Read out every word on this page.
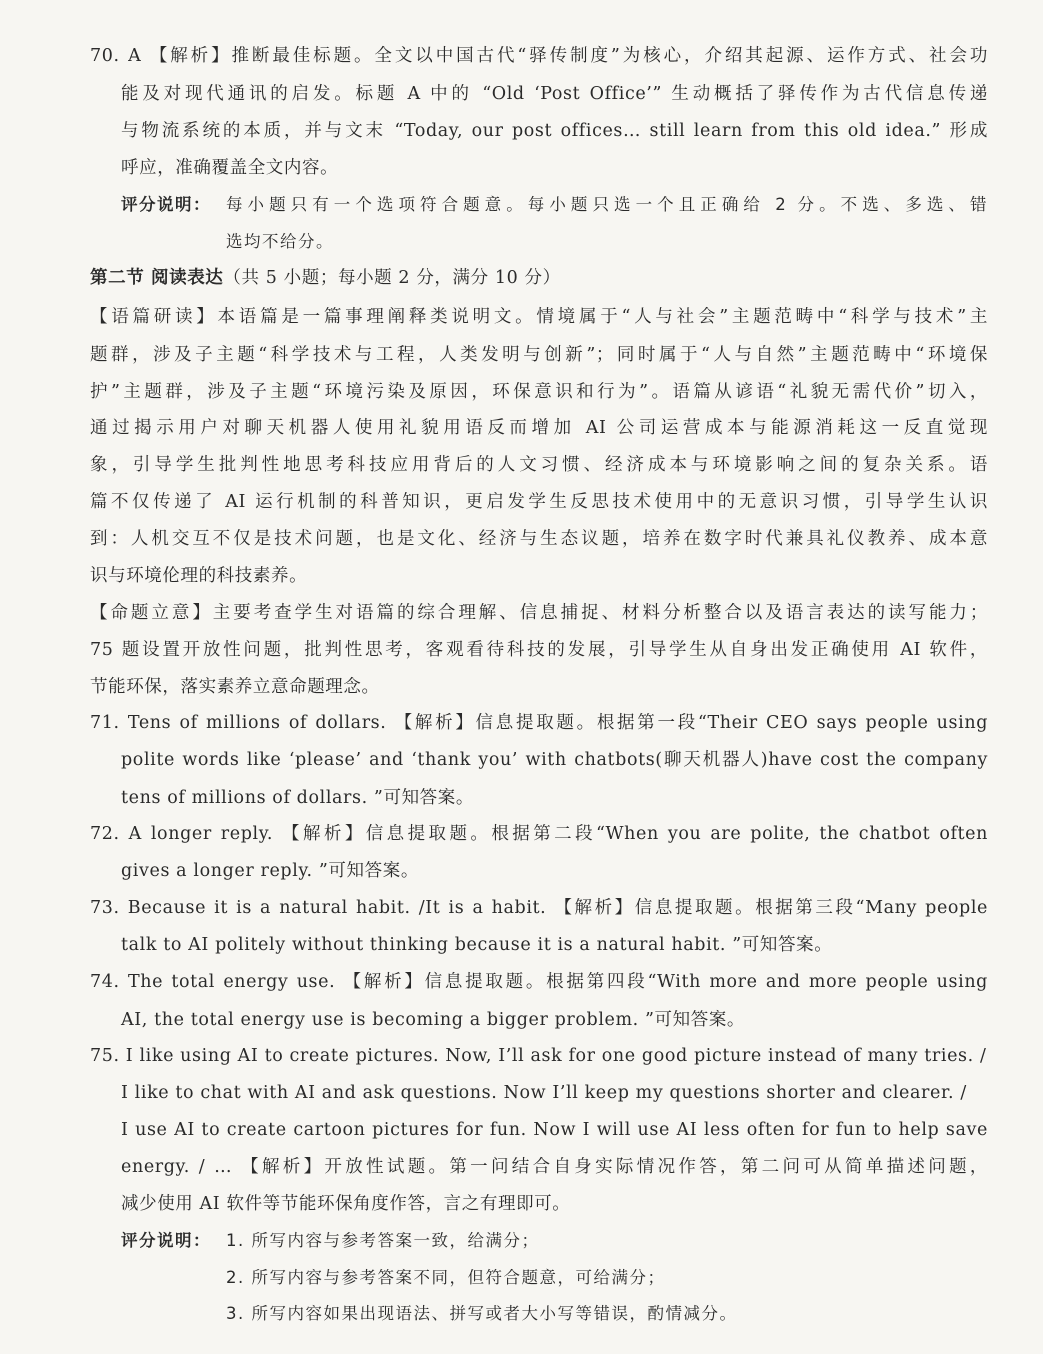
70. A 【解析】推断最佳标题。全文以中国古代“驿传制度”为核心，介绍其起源、运作方式、社会功
能及对现代通讯的启发。标题 A 中的 “Old ‘Post Office’” 生动概括了驿传作为古代信息传递
与物流系统的本质，并与文末 “Today, our post offices… still learn from this old idea.” 形成
呼应，准确覆盖全文内容。
评分说明： 每小题只有一个选项符合题意。每小题只选一个且正确给 2 分。不选、多选、错
选均不给分。
第二节 阅读表达（共 5 小题；每小题 2 分，满分 10 分）
【语篇研读】本语篇是一篇事理阐释类说明文。情境属于“人与社会”主题范畴中“科学与技术”主
题群，涉及子主题“科学技术与工程，人类发明与创新”；同时属于“人与自然”主题范畴中“环境保
护”主题群，涉及子主题“环境污染及原因，环保意识和行为”。语篇从谚语“礼貌无需代价”切入，
通过揭示用户对聊天机器人使用礼貌用语反而增加 AI 公司运营成本与能源消耗这一反直觉现
象，引导学生批判性地思考科技应用背后的人文习惯、经济成本与环境影响之间的复杂关系。语
篇不仅传递了 AI 运行机制的科普知识，更启发学生反思技术使用中的无意识习惯，引导学生认识
到：人机交互不仅是技术问题，也是文化、经济与生态议题，培养在数字时代兼具礼仪教养、成本意
识与环境伦理的科技素养。
【命题立意】主要考查学生对语篇的综合理解、信息捕捉、材料分析整合以及语言表达的读写能力；
75 题设置开放性问题，批判性思考，客观看待科技的发展，引导学生从自身出发正确使用 AI 软件，
节能环保，落实素养立意命题理念。
71. Tens of millions of dollars. 【解析】信息提取题。根据第一段“Their CEO says people using
polite words like ‘please’ and ‘thank you’ with chatbots(聊天机器人)have cost the company
tens of millions of dollars. ”可知答案。
72. A longer reply. 【解析】信息提取题。根据第二段“When you are polite, the chatbot often
gives a longer reply. ”可知答案。
73. Because it is a natural habit. /It is a habit. 【解析】信息提取题。根据第三段“Many people
talk to AI politely without thinking because it is a natural habit. ”可知答案。
74. The total energy use. 【解析】信息提取题。根据第四段“With more and more people using
AI, the total energy use is becoming a bigger problem. ”可知答案。
75. I like using AI to create pictures. Now, I’ll ask for one good picture instead of many tries. /
I like to chat with AI and ask questions. Now I’ll keep my questions shorter and clearer. /
I use AI to create cartoon pictures for fun. Now I will use AI less often for fun to help save
energy. / … 【解析】开放性试题。第一问结合自身实际情况作答，第二问可从简单描述问题，
减少使用 AI 软件等节能环保角度作答，言之有理即可。
评分说明： 1. 所写内容与参考答案一致，给满分；
2. 所写内容与参考答案不同，但符合题意，可给满分；
3. 所写内容如果出现语法、拼写或者大小写等错误，酌情减分。
